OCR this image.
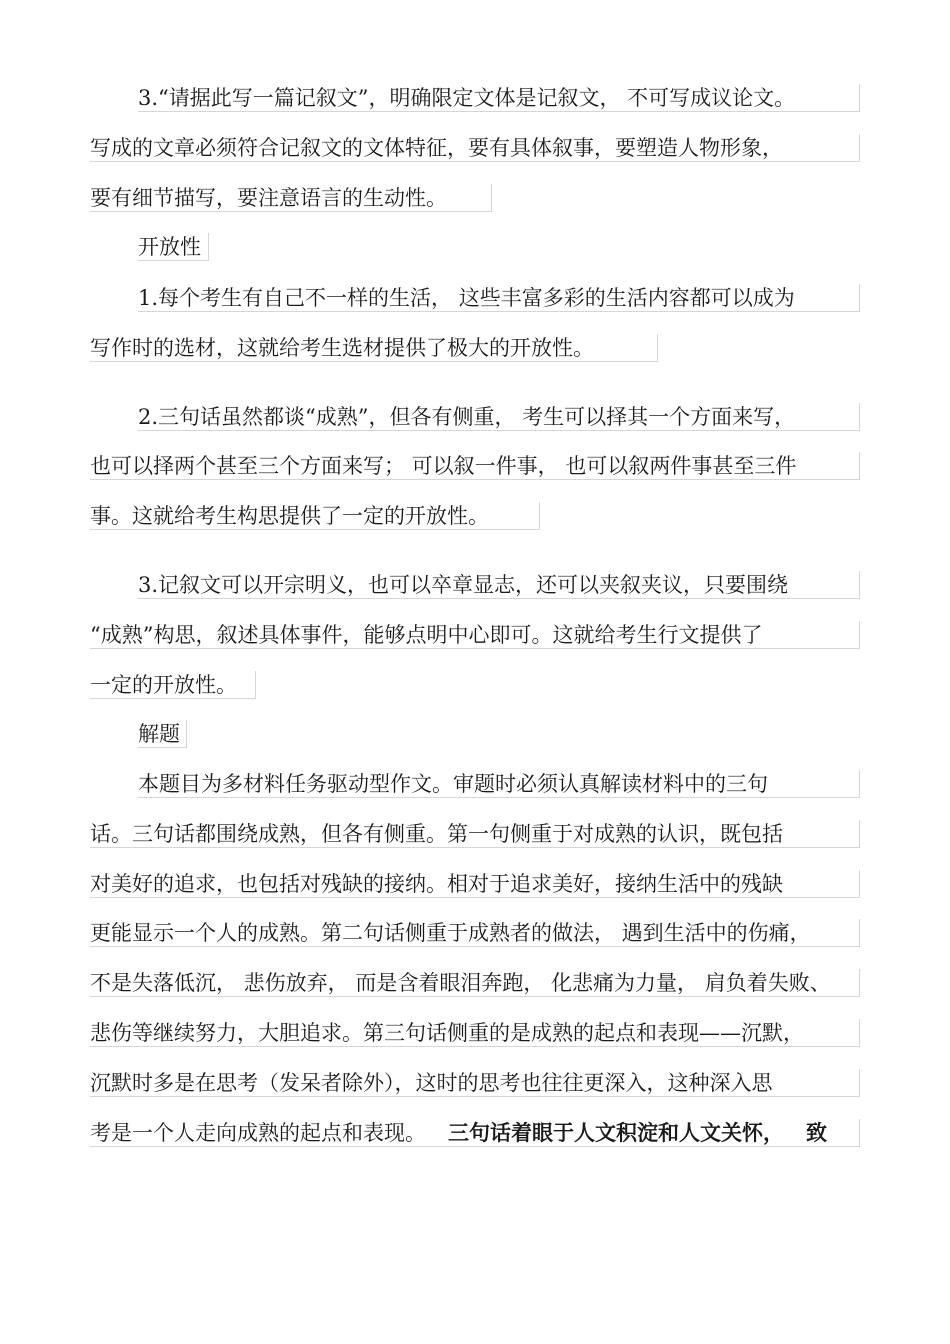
3.“请据此写一篇记叙文”，明确限定文体是记叙文， 不可写成议论文。
写成的文章必须符合记叙文的文体特征，要有具体叙事，要塑造人物形象，
要有细节描写，要注意语言的生动性。
开放性
1.每个考生有自己不一样的生活， 这些丰富多彩的生活内容都可以成为
写作时的选材，这就给考生选材提供了极大的开放性。
2.三句话虽然都谈“成熟”，但各有侧重， 考生可以择其一个方面来写，
也可以择两个甚至三个方面来写； 可以叙一件事， 也可以叙两件事甚至三件
事。这就给考生构思提供了一定的开放性。
3.记叙文可以开宗明义，也可以卒章显志，还可以夹叙夹议，只要围绕
“成熟”构思，叙述具体事件，能够点明中心即可。这就给考生行文提供了
一定的开放性。
解题
本题目为多材料任务驱动型作文。审题时必须认真解读材料中的三句
话。三句话都围绕成熟，但各有侧重。第一句侧重于对成熟的认识，既包括
对美好的追求，也包括对残缺的接纳。相对于追求美好，接纳生活中的残缺
更能显示一个人的成熟。第二句话侧重于成熟者的做法， 遇到生活中的伤痛，
不是失落低沉， 悲伤放弃， 而是含着眼泪奔跑， 化悲痛为力量， 肩负着失败、
悲伤等继续努力，大胆追求。第三句话侧重的是成熟的起点和表现——沉默，
沉默时多是在思考（发呆者除外），这时的思考也往往更深入，这种深入思
考是一个人走向成熟的起点和表现。 三句话着眼于人文积淀和人文关怀， 致
